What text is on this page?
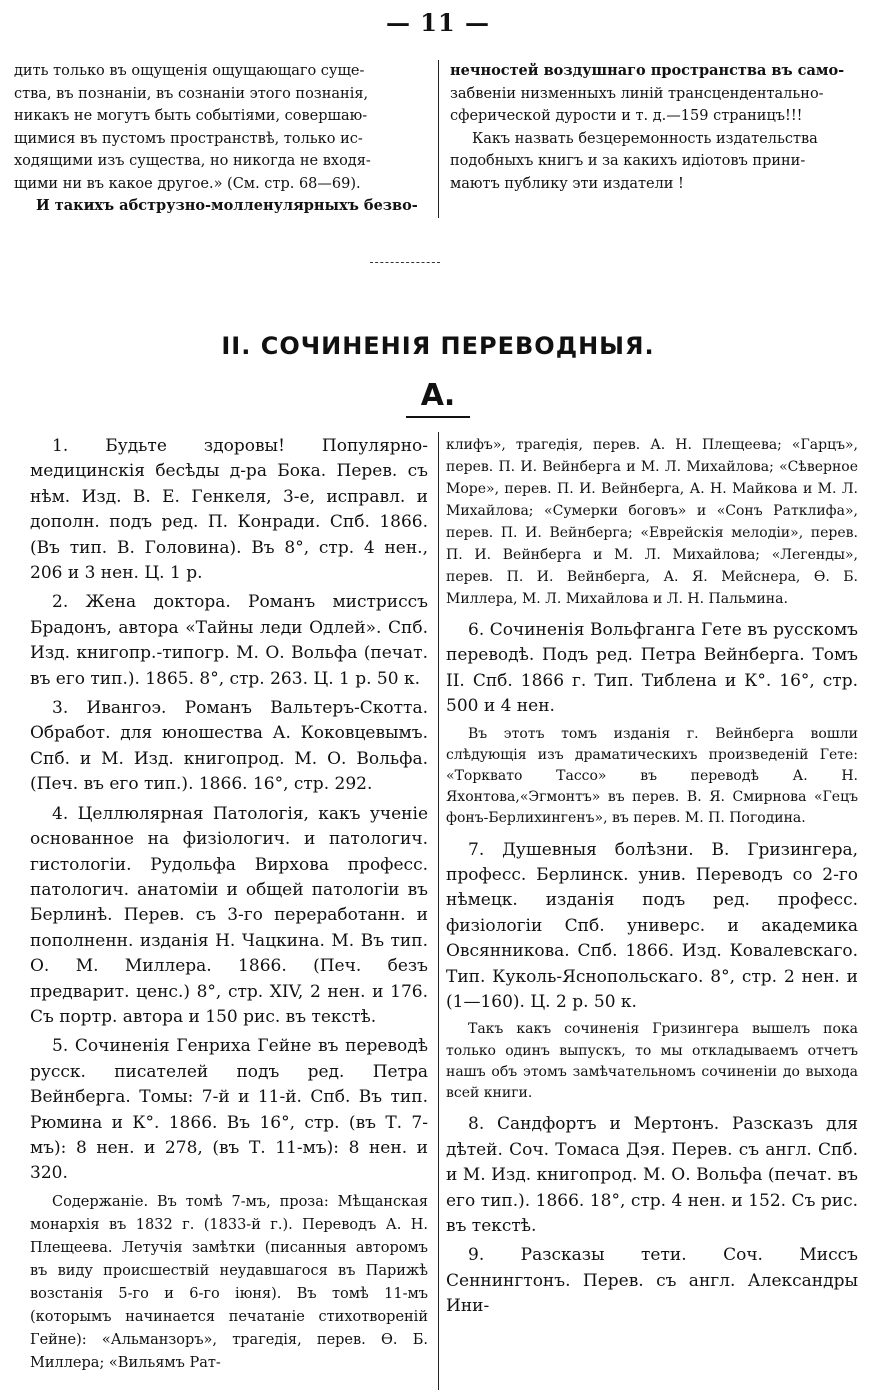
— 11 —

дить только въ ощущенія ощущающаго суще-

ства, въ познаніи, въ сознаніи этого познанія,

никакъ не могутъ быть событіями, совершаю-

щимися въ пустомъ пространствѣ, только ис-

ходящими изъ существа, но никогда не входя-

щими ни въ какое другое.» (См. стр. 68—69).

И такихъ абструзно-молленулярныхъ безво-

нечностей воздушнаго пространства въ само-

забвеніи низменныхъ линій трансцендентально-

сферической дурости и т. д.—159 страницъ!!!

Какъ назвать безцеремонность издательства

подобныхъ книгъ и за какихъ идіотовъ прини-

маютъ публику эти издатели !

II. СОЧИНЕНІЯ ПЕРЕВОДНЫЯ.
А.

1. Будьте здоровы! Популярно-медицинскія бесѣды д-ра Бока. Перев. съ нѣм. Изд. В. Е. Генкеля, 3-е, исправл. и дополн. подъ ред. П. Конради. Спб. 1866. (Въ тип. В. Головина). Въ 8°, стр. 4 нен., 206 и 3 нен. Ц. 1 р.

2. Жена доктора. Романъ мистриссъ Брадонъ, автора «Тайны леди Одлей». Спб. Изд. книгопр.-типогр. М. О. Вольфа (печат. въ его тип.). 1865. 8°, стр. 263. Ц. 1 р. 50 к.

3. Ивангоэ. Романъ Вальтеръ-Скотта. Обработ. для юношества А. Коковцевымъ. Спб. и М. Изд. книгопрод. М. О. Вольфа. (Печ. въ его тип.). 1866. 16°, стр. 292.

4. Целлюлярная Патологія, какъ ученіе основанное на физіологич. и патологич. гистологіи. Рудольфа Вирхова професс. патологич. анатоміи и общей патологіи въ Берлинѣ. Перев. съ 3-го переработанн. и пополненн. изданія Н. Чацкина. М. Въ тип. О. М. Миллера. 1866. (Печ. безъ предварит. ценс.) 8°, стр. XIV, 2 нен. и 176. Съ портр. автора и 150 рис. въ текстѣ.

5. Сочиненія Генриха Гейне въ переводѣ русск. писателей подъ ред. Петра Вейнберга. Томы: 7-й и 11-й. Спб. Въ тип. Рюмина и К°. 1866. Въ 16°, стр. (въ Т. 7-мъ): 8 нен. и 278, (въ Т. 11-мъ): 8 нен. и 320.

Содержаніе. Въ томѣ 7-мъ, проза: Мѣщанская монархія въ 1832 г. (1833-й г.). Переводъ А. Н. Плещеева. Летучія замѣтки (писанныя авторомъ въ виду происшествій неудавшагося въ Парижѣ возстанія 5-го и 6-го іюня). Въ томѣ 11-мъ (которымъ начинается печатаніе стихотвореній Гейне): «Альманзоръ», трагедія, перев. Ѳ. Б. Миллера; «Вильямъ Рат-

клифъ», трагедія, перев. А. Н. Плещеева; «Гарцъ», перев. П. И. Вейнберга и М. Л. Михайлова; «Сѣверное Море», перев. П. И. Вейнберга, А. Н. Майкова и М. Л. Михайлова; «Сумерки боговъ» и «Сонъ Ратклифа», перев. П. И. Вейнберга; «Еврейскія мелодіи», перев. П. И. Вейнберга и М. Л. Михайлова; «Легенды», перев. П. И. Вейнберга, А. Я. Мейснера, Ѳ. Б. Миллера, М. Л. Михайлова и Л. Н. Пальмина.

6. Сочиненія Вольфганга Гете въ русскомъ переводѣ. Подъ ред. Петра Вейнберга. Томъ II. Спб. 1866 г. Тип. Тиблена и К°. 16°, стр. 500 и 4 нен.

Въ этотъ томъ изданія г. Вейнберга вошли слѣдующія изъ драматическихъ произведеній Гете: «Торквато Тассо» въ переводѣ А. Н. Яхонтова,«Эгмонтъ» въ перев. В. Я. Смирнова «Гецъ фонъ-Берлихингенъ», въ перев. М. П. Погодина.

7. Душевныя болѣзни. В. Гризингера, професс. Берлинск. унив. Переводъ со 2-го нѣмецк. изданія подъ ред. професс. физіологіи Спб. универс. и академика Овсянникова. Спб. 1866. Изд. Ковалевскаго. Тип. Куколь-Яснопольскаго. 8°, стр. 2 нен. и (1—160). Ц. 2 р. 50 к.

Такъ какъ сочиненія Гризингера вышелъ пока только одинъ выпускъ, то мы откладываемъ отчетъ нашъ объ этомъ замѣчательномъ сочиненіи до выхода всей книги.

8. Сандфортъ и Мертонъ. Разсказъ для дѣтей. Соч. Томаса Дэя. Перев. съ англ. Спб. и М. Изд. книгопрод. М. О. Вольфа (печат. въ его тип.). 1866. 18°, стр. 4 нен. и 152. Съ рис. въ текстѣ.

9. Разсказы тети. Соч. Миссъ Сеннингтонъ. Перев. съ англ. Александры Ини-
